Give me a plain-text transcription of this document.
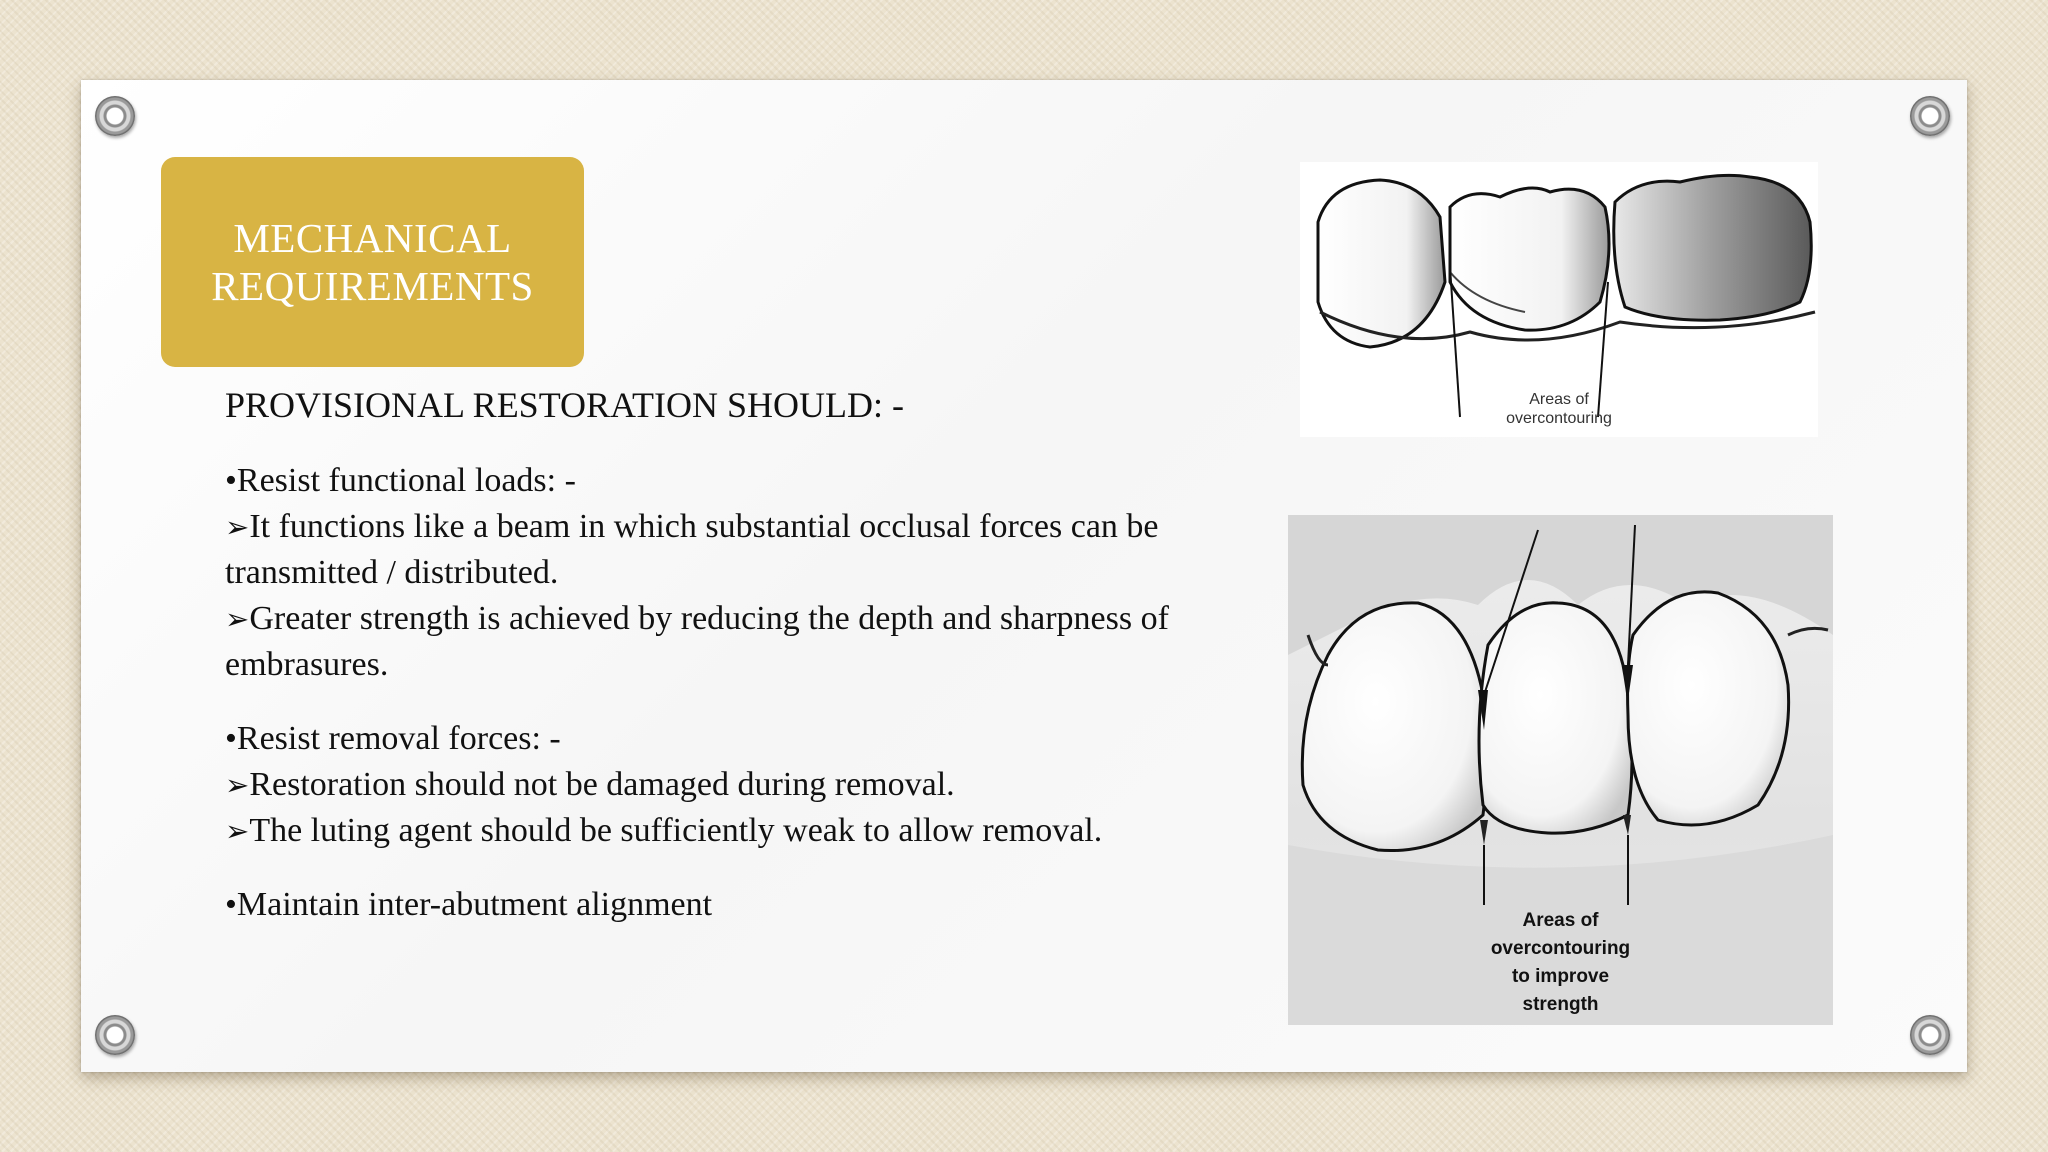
MECHANICAL REQUIREMENTS
PROVISIONAL RESTORATION SHOULD: -
•Resist functional loads: -
➢It functions like a beam in which substantial occlusal forces can be transmitted / distributed.
➢Greater strength is achieved by reducing the depth and sharpness of embrasures.
•Resist removal forces: -
➢Restoration should not be damaged during removal.
➢The luting agent should be sufficiently weak to allow removal.
•Maintain inter-abutment alignment
Areas of
overcontouring
Areas of
overcontouring
to improve
strength
